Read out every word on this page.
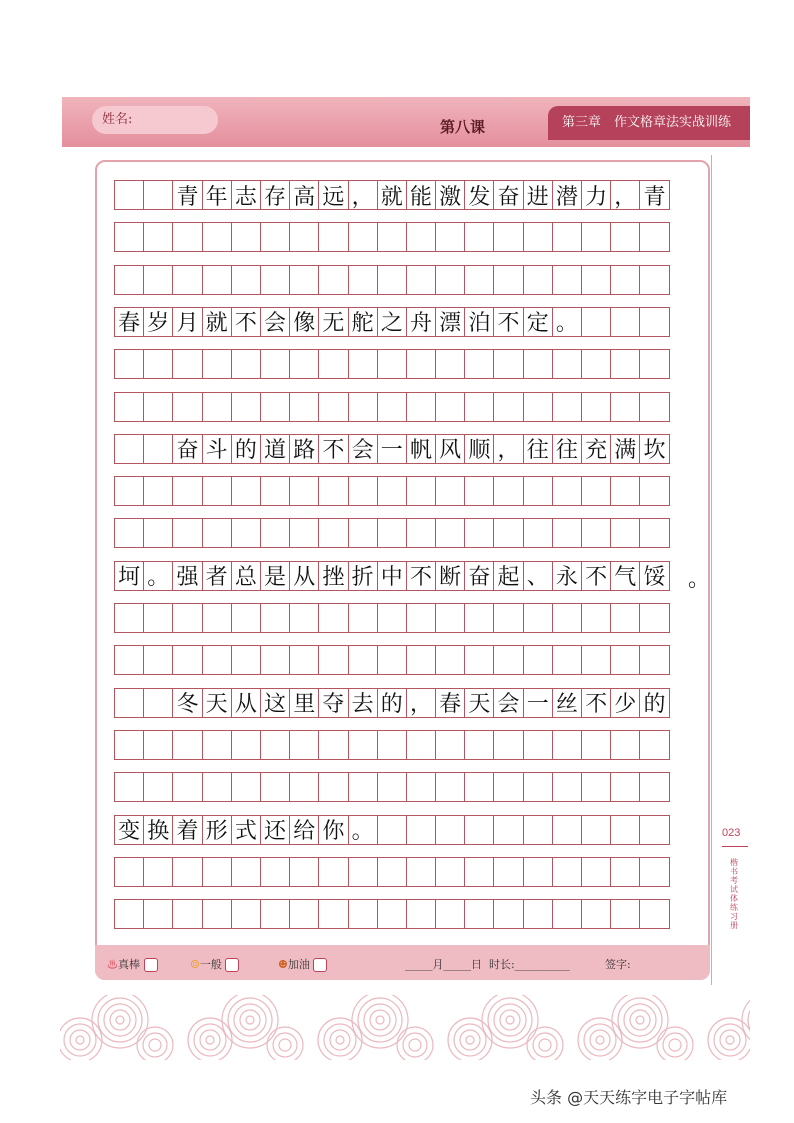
姓名:	第八课	第三章　作文格章法实战训练
青 年 志 存 高 远 ， 就 能 激 发 奋 进 潜 力 ， 青
春 岁 月 就 不 会 像 无 舵 之 舟 漂 泊 不 定 。
奋 斗 的 道 路 不 会 一 帆 风 顺 ， 往 往 充 满 坎
坷 。 强 者 总 是 从 挫 折 中 不 断 奋 起 、 永 不 气 馁
冬 天 从 这 里 夺 去 的 ， 春 天 会 一 丝 不 少 的
变 换 着 形 式 还 给 你 。
。
♨真棒	☺一般	☻加油	_____月_____日 时长:__________	签字:
023
楷书考试体练习册
头条 @天天练字电子字帖库
